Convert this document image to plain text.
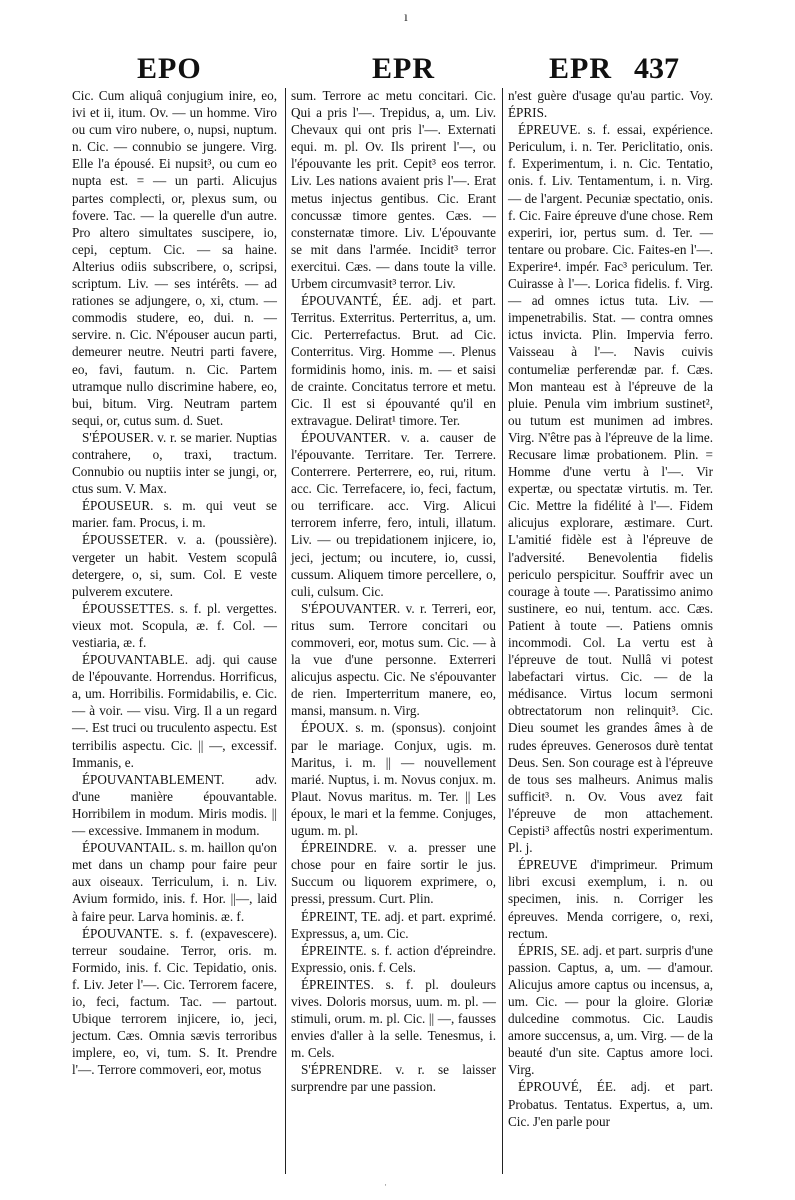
ı
EPO	EPR	EPR 437

Cic. Cum aliquâ conjugium inire, eo, ivi et ii, itum. Ov. — un homme. Viro ou cum viro nubere, o, nupsi, nuptum. n. Cic. — connubio se jungere. Virg. Elle l'a épousé. Ei nupsit³, ou cum eo nupta est. = — un parti. Alicujus partes complecti, or, plexus sum, ou fovere. Tac. — la querelle d'un autre. Pro altero simultates suscipere, io, cepi, ceptum. Cic. — sa haine. Alterius odiis subscribere, o, scripsi, scriptum. Liv. — ses intérêts. — ad rationes se adjungere, o, xi, ctum. — commodis studere, eo, dui. n. — servire. n. Cic. N'épouser aucun parti, demeurer neutre. Neutri parti favere, eo, favi, fautum. n. Cic. Partem utramque nullo discrimine habere, eo, bui, bitum. Virg. Neutram partem sequi, or, cutus sum. d. Suet.

S'ÉPOUSER. v. r. se marier. Nuptias contrahere, o, traxi, tractum. Connubio ou nuptiis inter se jungi, or, ctus sum. V. Max.

ÉPOUSEUR. s. m. qui veut se marier. fam. Procus, i. m.

ÉPOUSSETER. v. a. (poussière). vergeter un habit. Vestem scopulâ detergere, o, si, sum. Col. E veste pulverem excutere.

ÉPOUSSETTES. s. f. pl. vergettes. vieux mot. Scopula, æ. f. Col. — vestiaria, æ. f.

ÉPOUVANTABLE. adj. qui cause de l'épouvante. Horrendus. Horrificus, a, um. Horribilis. Formidabilis, e. Cic. — à voir. — visu. Virg. Il a un regard —. Est truci ou truculento aspectu. Est terribilis aspectu. Cic. || —, excessif. Immanis, e.

ÉPOUVANTABLEMENT. adv. d'une manière épouvantable. Horribilem in modum. Miris modis. || — excessive. Immanem in modum.

ÉPOUVANTAIL. s. m. haillon qu'on met dans un champ pour faire peur aux oiseaux. Terriculum, i. n. Liv. Avium formido, inis. f. Hor. ||—, laid à faire peur. Larva hominis. æ. f.

ÉPOUVANTE. s. f. (expavescere). terreur soudaine. Terror, oris. m. Formido, inis. f. Cic. Tepidatio, onis. f. Liv. Jeter l'—. Cic. Terrorem facere, io, feci, factum. Tac. — partout. Ubique terrorem injicere, io, jeci, jectum. Cæs. Omnia sævis terroribus implere, eo, vi, tum. S. It. Prendre l'—. Terrore commoveri, eor, motus

sum. Terrore ac metu concitari. Cic. Qui a pris l'—. Trepidus, a, um. Liv. Chevaux qui ont pris l'—. Externati equi. m. pl. Ov. Ils prirent l'—, ou l'épouvante les prit. Cepit³ eos terror. Liv. Les nations avaient pris l'—. Erat metus injectus gentibus. Cic. Erant concussæ timore gentes. Cæs. — consternatæ timore. Liv. L'épouvante se mit dans l'armée. Incidit³ terror exercitui. Cæs. — dans toute la ville. Urbem circumvasit³ terror. Liv.

ÉPOUVANTÉ, ÉE. adj. et part. Territus. Exterritus. Perterritus, a, um. Cic. Perterrefactus. Brut. ad Cic. Conterritus. Virg. Homme —. Plenus formidinis homo, inis. m. — et saisi de crainte. Concitatus terrore et metu. Cic. Il est si épouvanté qu'il en extravague. Delirat¹ timore. Ter.

ÉPOUVANTER. v. a. causer de l'épouvante. Territare. Ter. Terrere. Conterrere. Perterrere, eo, rui, ritum. acc. Cic. Terrefacere, io, feci, factum, ou terrificare. acc. Virg. Alicui terrorem inferre, fero, intuli, illatum. Liv. — ou trepidationem injicere, io, jeci, jectum; ou incutere, io, cussi, cussum. Aliquem timore percellere, o, culi, culsum. Cic.

S'ÉPOUVANTER. v. r. Terreri, eor, ritus sum. Terrore concitari ou commoveri, eor, motus sum. Cic. — à la vue d'une personne. Exterreri alicujus aspectu. Cic. Ne s'épouvanter de rien. Imperterritum manere, eo, mansi, mansum. n. Virg.

ÉPOUX. s. m. (sponsus). conjoint par le mariage. Conjux, ugis. m. Maritus, i. m. || — nouvellement marié. Nuptus, i. m. Novus conjux. m. Plaut. Novus maritus. m. Ter. || Les époux, le mari et la femme. Conjuges, ugum. m. pl.

ÉPREINDRE. v. a. presser une chose pour en faire sortir le jus. Succum ou liquorem exprimere, o, pressi, pressum. Curt. Plin.

ÉPREINT, TE. adj. et part. exprimé. Expressus, a, um. Cic.

ÉPREINTE. s. f. action d'épreindre. Expressio, onis. f. Cels.

ÉPREINTES. s. f. pl. douleurs vives. Doloris morsus, uum. m. pl. — stimuli, orum. m. pl. Cic. || —, fausses envies d'aller à la selle. Tenesmus, i. m. Cels.

S'ÉPRENDRE. v. r. se laisser surprendre par une passion.

n'est guère d'usage qu'au partic. Voy. ÉPRIS.

ÉPREUVE. s. f. essai, expérience. Periculum, i. n. Ter. Periclitatio, onis. f. Experimentum, i. n. Cic. Tentatio, onis. f. Liv. Tentamentum, i. n. Virg. — de l'argent. Pecuniæ spectatio, onis. f. Cic. Faire épreuve d'une chose. Rem experiri, ior, pertus sum. d. Ter. — tentare ou probare. Cic. Faites-en l'—. Experire⁴. impér. Fac³ periculum. Ter. Cuirasse à l'—. Lorica fidelis. f. Virg. — ad omnes ictus tuta. Liv. — impenetrabilis. Stat. — contra omnes ictus invicta. Plin. Impervia ferro. Vaisseau à l'—. Navis cuivis contumeliæ perferendæ par. f. Cæs. Mon manteau est à l'épreuve de la pluie. Penula vim imbrium sustinet², ou tutum est munimen ad imbres. Virg. N'être pas à l'épreuve de la lime. Recusare limæ probationem. Plin. = Homme d'une vertu à l'—. Vir expertæ, ou spectatæ virtutis. m. Ter. Cic. Mettre la fidélité à l'—. Fidem alicujus explorare, æstimare. Curt. L'amitié fidèle est à l'épreuve de l'adversité. Benevolentia fidelis periculo perspicitur. Souffrir avec un courage à toute —. Paratissimo animo sustinere, eo nui, tentum. acc. Cæs. Patient à toute —. Patiens omnis incommodi. Col. La vertu est à l'épreuve de tout. Nullâ vi potest labefactari virtus. Cic. — de la médisance. Virtus locum sermoni obtrectatorum non relinquit³. Cic. Dieu soumet les grandes âmes à de rudes épreuves. Generosos durè tentat Deus. Sen. Son courage est à l'épreuve de tous ses malheurs. Animus malis sufficit³. n. Ov. Vous avez fait l'épreuve de mon attachement. Cepisti³ affectûs nostri experimentum. Pl. j.

ÉPREUVE d'imprimeur. Primum libri excusi exemplum, i. n. ou specimen, inis. n. Corriger les épreuves. Menda corrigere, o, rexi, rectum.

ÉPRIS, SE. adj. et part. surpris d'une passion. Captus, a, um. — d'amour. Alicujus amore captus ou incensus, a, um. Cic. — pour la gloire. Gloriæ dulcedine commotus. Cic. Laudis amore succensus, a, um. Virg. — de la beauté d'un site. Captus amore loci. Virg.

ÉPROUVÉ, ÉE. adj. et part. Probatus. Tentatus. Expertus, a, um. Cic. J'en parle pour

·
